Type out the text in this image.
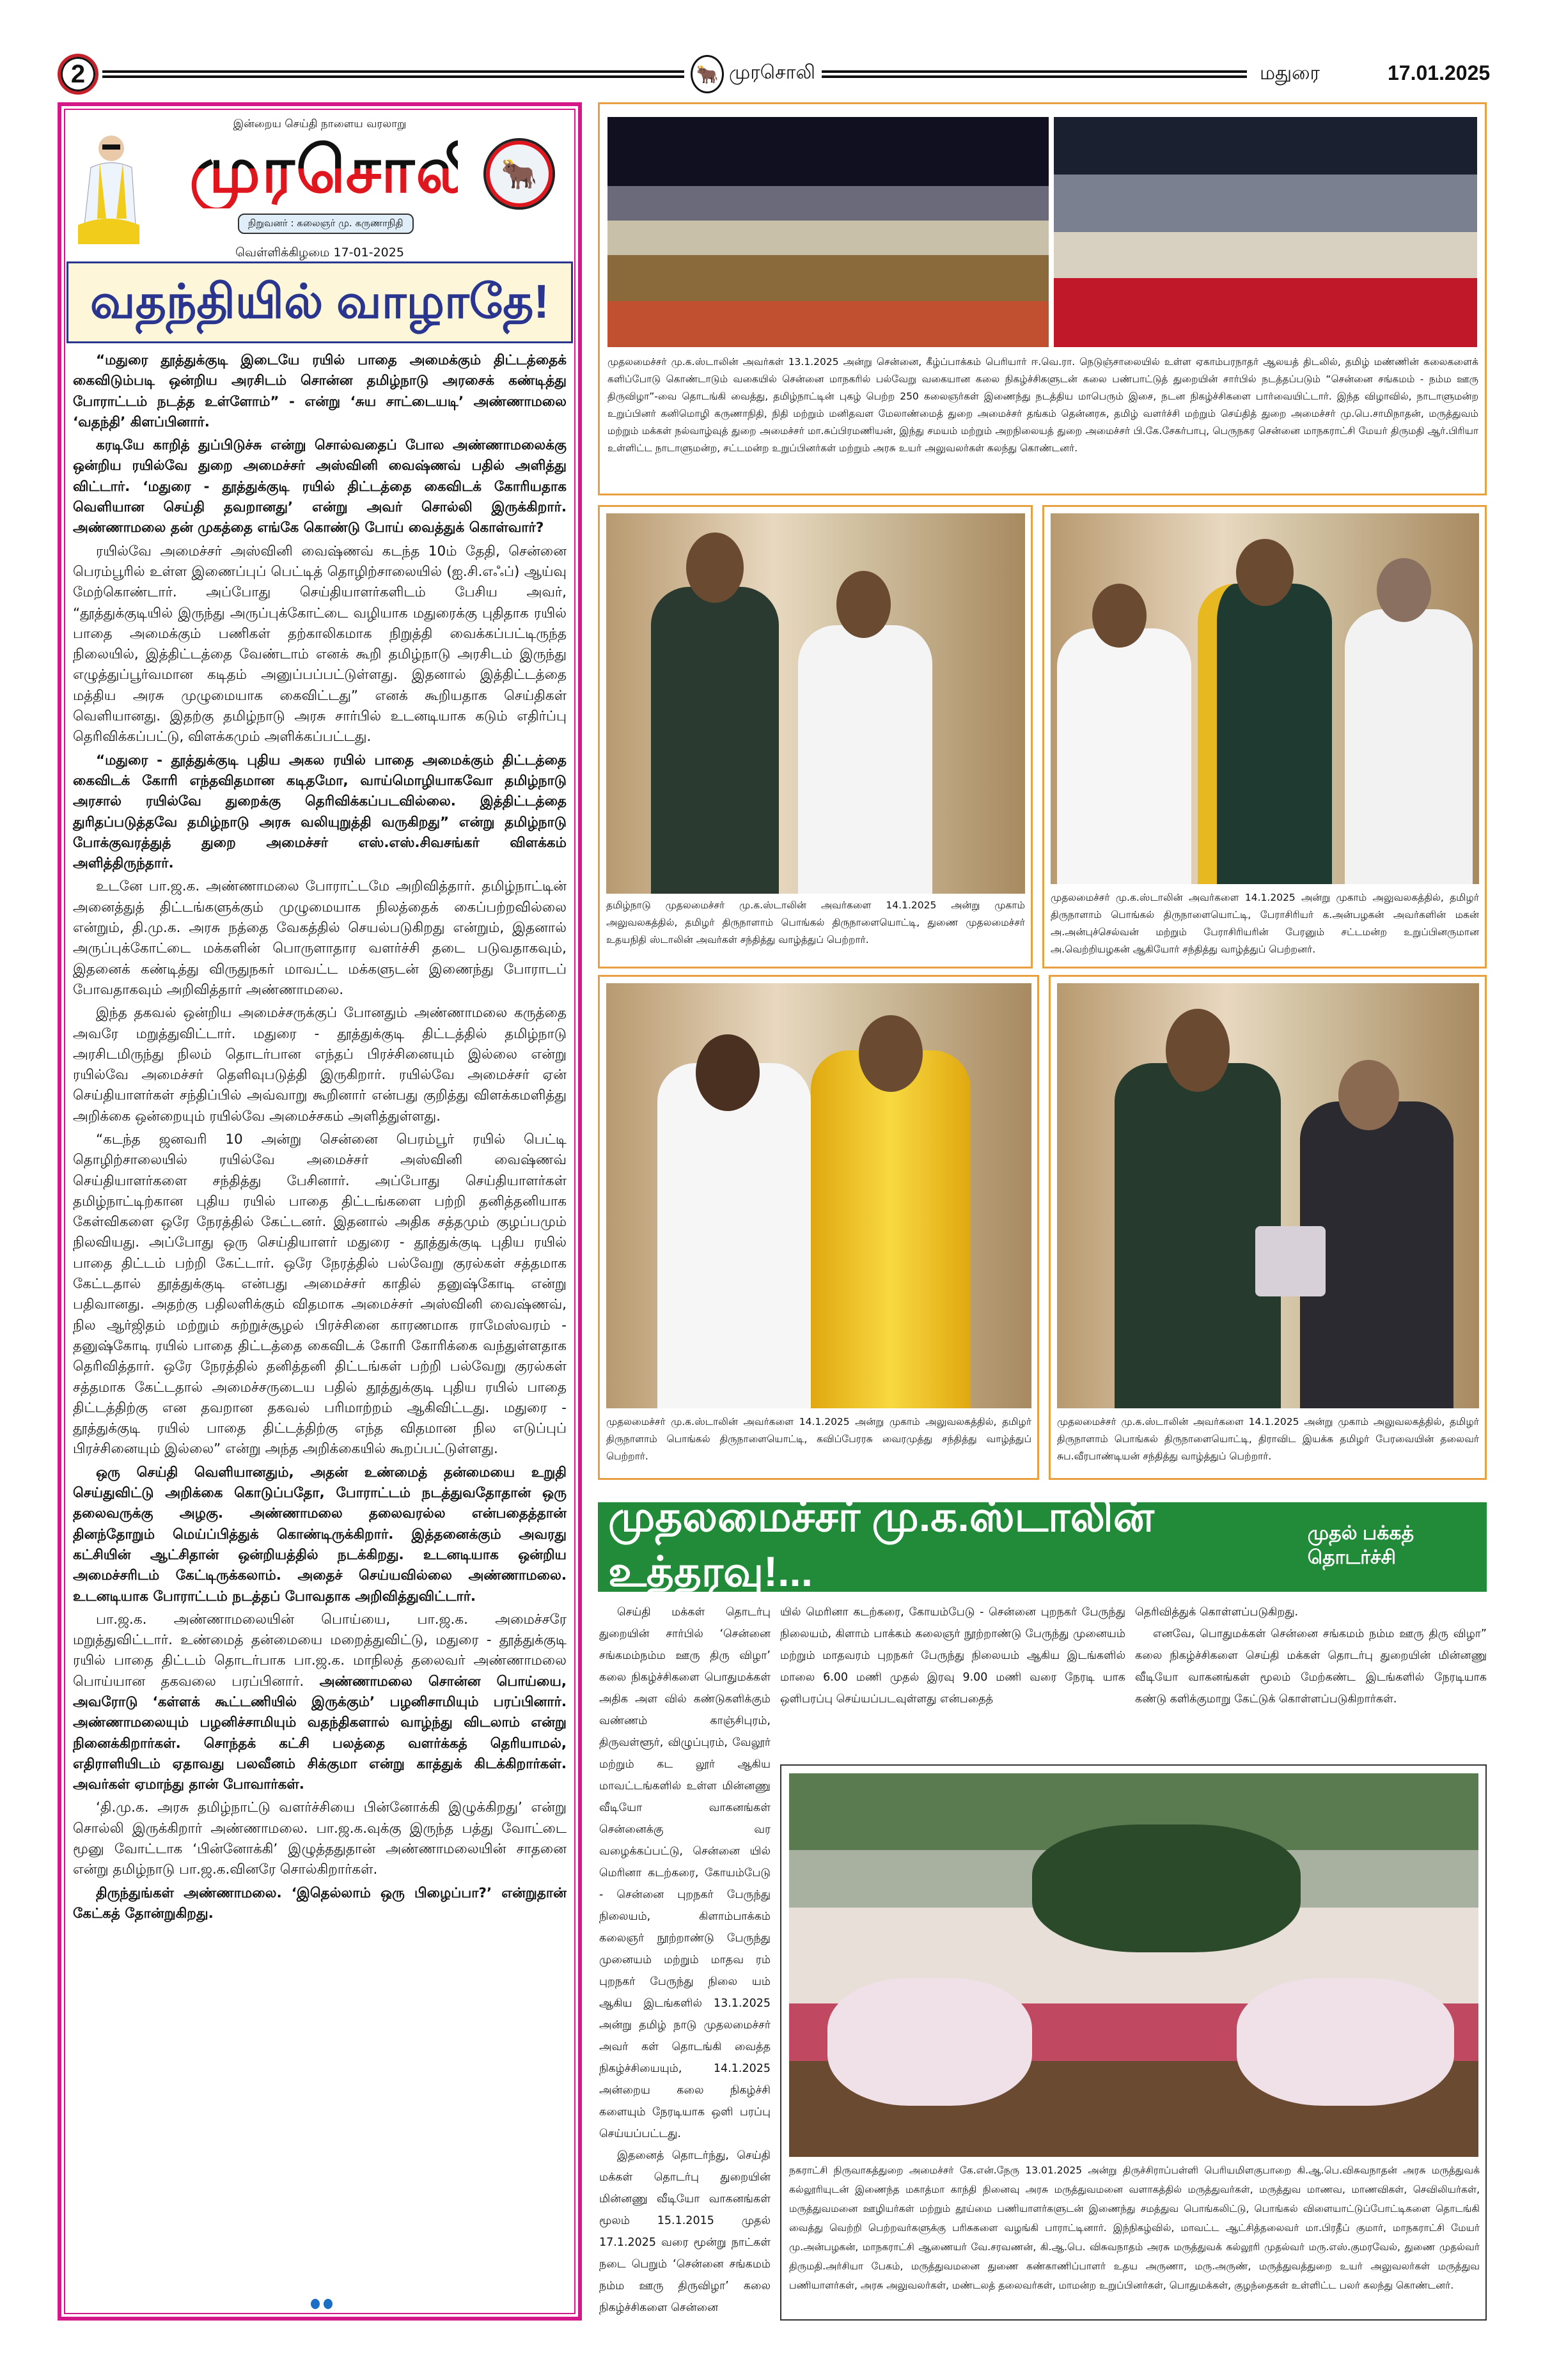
2	🐂 முரசொலி	மதுரை	17.01.2025
இன்றைய செய்தி நாளைய வரலாறு
முரசொலி 🐂
நிறுவனர் : கலைஞர் மு. கருணாநிதி
வெள்ளிக்கிழமை 17-01-2025
வதந்தியில் வாழாதே!

“மதுரை தூத்துக்குடி இடையே ரயில் பாதை அமைக்கும் திட்டத்தைக் கைவிடும்படி ஒன்றிய அரசிடம் சொன்ன தமிழ்நாடு அரசைக் கண்டித்து போராட்டம் நடத்த உள்ளோம்” - என்று ‘சுய சாட்டையடி’ அண்ணாமலை ‘வதந்தி’ கிளப்பினார்.

கரடியே காறித் துப்பிடுச்சு என்று சொல்வதைப் போல அண்ணாமலைக்கு ஒன்றிய ரயில்வே துறை அமைச்சர் அஸ்வினி வைஷ்ணவ் பதில் அளித்து விட்டார். ‘மதுரை - தூத்துக்குடி ரயில் திட்டத்தை கைவிடக் கோரியதாக வெளியான செய்தி தவறானது’ என்று அவர் சொல்லி இருக்கிறார். அண்ணாமலை தன் முகத்தை எங்கே கொண்டு போய் வைத்துக் கொள்வார்?

ரயில்வே அமைச்சர் அஸ்வினி வைஷ்ணவ் கடந்த 10ம் தேதி, சென்னை பெரம்பூரில் உள்ள இணைப்புப் பெட்டித் தொழிற்சாலையில் (ஐ.சி.எஃப்) ஆய்வு மேற்கொண்டார். அப்போது செய்தியாளர்களிடம் பேசிய அவர், “தூத்துக்குடியில் இருந்து அருப்புக்கோட்டை வழியாக மதுரைக்கு புதிதாக ரயில் பாதை அமைக்கும் பணிகள் தற்காலிகமாக நிறுத்தி வைக்கப்பட்டிருந்த நிலையில், இத்திட்டத்தை வேண்டாம் எனக் கூறி தமிழ்நாடு அரசிடம் இருந்து எழுத்துப்பூர்வமான கடிதம் அனுப்பப்பட்டுள்ளது. இதனால் இத்திட்டத்தை மத்திய அரசு முழுமையாக கைவிட்டது” எனக் கூறியதாக செய்திகள் வெளியானது. இதற்கு தமிழ்நாடு அரசு சார்பில் உடனடியாக கடும் எதிர்ப்பு தெரிவிக்கப்பட்டு, விளக்கமும் அளிக்கப்பட்டது.

“மதுரை - தூத்துக்குடி புதிய அகல ரயில் பாதை அமைக்கும் திட்டத்தை கைவிடக் கோரி எந்தவிதமான கடிதமோ, வாய்மொழியாகவோ தமிழ்நாடு அரசால் ரயில்வே துறைக்கு தெரிவிக்கப்படவில்லை. இத்திட்டத்தை துரிதப்படுத்தவே தமிழ்நாடு அரசு வலியுறுத்தி வருகிறது” என்று தமிழ்நாடு போக்குவரத்துத் துறை அமைச்சர் எஸ்.எஸ்.சிவசங்கர் விளக்கம் அளித்திருந்தார்.

உடனே பா.ஜ.க. அண்ணாமலை போராட்டமே அறிவித்தார். தமிழ்நாட்டின் அனைத்துத் திட்டங்களுக்கும் முழுமையாக நிலத்தைக் கைப்பற்றவில்லை என்றும், தி.மு.க. அரசு நத்தை வேகத்தில் செயல்படுகிறது என்றும், இதனால் அருப்புக்கோட்டை மக்களின் பொருளாதார வளர்ச்சி தடை படுவதாகவும், இதனைக் கண்டித்து விருதுநகர் மாவட்ட மக்களுடன் இணைந்து போராடப் போவதாகவும் அறிவித்தார் அண்ணாமலை.

இந்த தகவல் ஒன்றிய அமைச்சருக்குப் போனதும் அண்ணாமலை கருத்தை அவரே மறுத்துவிட்டார். மதுரை - தூத்துக்குடி திட்டத்தில் தமிழ்நாடு அரசிடமிருந்து நிலம் தொடர்பான எந்தப் பிரச்சினையும் இல்லை என்று ரயில்வே அமைச்சர் தெளிவுபடுத்தி இருகிறார். ரயில்வே அமைச்சர் ஏன் செய்தியாளர்கள் சந்திப்பில் அவ்வாறு கூறினார் என்பது குறித்து விளக்கமளித்து அறிக்கை ஒன்றையும் ரயில்வே அமைச்சகம் அளித்துள்ளது.

“கடந்த ஜனவரி 10 அன்று சென்னை பெரம்பூர் ரயில் பெட்டி தொழிற்சாலையில் ரயில்வே அமைச்சர் அஸ்வினி வைஷ்ணவ் செய்தியாளர்களை சந்தித்து பேசினார். அப்போது செய்தியாளர்கள் தமிழ்நாட்டிற்கான புதிய ரயில் பாதை திட்டங்களை பற்றி தனித்தனியாக கேள்விகளை ஒரே நேரத்தில் கேட்டனர். இதனால் அதிக சத்தமும் குழப்பமும் நிலவியது. அப்போது ஒரு செய்தியாளர் மதுரை - தூத்துக்குடி புதிய ரயில் பாதை திட்டம் பற்றி கேட்டார். ஒரே நேரத்தில் பல்வேறு குரல்கள் சத்தமாக கேட்டதால் தூத்துக்குடி என்பது அமைச்சர் காதில் தனுஷ்கோடி என்று பதிவானது. அதற்கு பதிலளிக்கும் விதமாக அமைச்சர் அஸ்வினி வைஷ்ணவ், நில ஆர்ஜிதம் மற்றும் சுற்றுச்சூழல் பிரச்சினை காரணமாக ராமேஸ்வரம் - தனுஷ்கோடி ரயில் பாதை திட்டத்தை கைவிடக் கோரி கோரிக்கை வந்துள்ளதாக தெரிவித்தார். ஒரே நேரத்தில் தனித்தனி திட்டங்கள் பற்றி பல்வேறு குரல்கள் சத்தமாக கேட்டதால் அமைச்சருடைய பதில் தூத்துக்குடி புதிய ரயில் பாதை திட்டத்திற்கு என தவறான தகவல் பரிமாற்றம் ஆகிவிட்டது. மதுரை - தூத்துக்குடி ரயில் பாதை திட்டத்திற்கு எந்த விதமான நில எடுப்புப் பிரச்சினையும் இல்லை” என்று அந்த அறிக்கையில் கூறப்பட்டுள்ளது.

ஒரு செய்தி வெளியானதும், அதன் உண்மைத் தன்மையை உறுதி செய்துவிட்டு அறிக்கை கொடுப்பதோ, போராட்டம் நடத்துவதோதான் ஒரு தலைவருக்கு அழகு. அண்ணாமலை தலைவரல்ல என்பதைத்தான் தினந்தோறும் மெய்ப்பித்துக் கொண்டிருக்கிறார். இத்தனைக்கும் அவரது கட்சியின் ஆட்சிதான் ஒன்றியத்தில் நடக்கிறது. உடனடியாக ஒன்றிய அமைச்சரிடம் கேட்டிருக்கலாம். அதைச் செய்யவில்லை அண்ணாமலை. உடனடியாக போராட்டம் நடத்தப் போவதாக அறிவித்துவிட்டார்.

பா.ஜ.க. அண்ணாமலையின் பொய்யை, பா.ஜ.க. அமைச்சரே மறுத்துவிட்டார். உண்மைத் தன்மையை மறைத்துவிட்டு, மதுரை - தூத்துக்குடி ரயில் பாதை திட்டம் தொடர்பாக பா.ஜ.க. மாநிலத் தலைவர் அண்ணாமலை பொய்யான தகவலை பரப்பினார். அண்ணாமலை சொன்ன பொய்யை, அவரோடு ‘கள்ளக் கூட்டணியில் இருக்கும்’ பழனிசாமியும் பரப்பினார். அண்ணாமலையும் பழனிச்சாமியும் வதந்திகளால் வாழ்ந்து விடலாம் என்று நினைக்கிறார்கள். சொந்தக் கட்சி பலத்தை வளர்க்கத் தெரியாமல், எதிராளியிடம் ஏதாவது பலவீனம் சிக்குமா என்று காத்துக் கிடக்கிறார்கள். அவர்கள் ஏமாந்து தான் போவார்கள்.

‘தி.மு.க. அரசு தமிழ்நாட்டு வளர்ச்சியை பின்னோக்கி இழுக்கிறது’ என்று சொல்லி இருக்கிறார் அண்ணாமலை. பா.ஜ.க.வுக்கு இருந்த பத்து வோட்டை மூனு வோட்டாக ‘பின்னோக்கி’ இழுத்ததுதான் அண்ணாமலையின் சாதனை என்று தமிழ்நாடு பா.ஜ.க.வினரே சொல்கிறார்கள்.

திருந்துங்கள் அண்ணாமலை. ‘இதெல்லாம் ஒரு பிழைப்பா?’ என்றுதான் கேட்கத் தோன்றுகிறது.

முதலமைச்சர் மு.க.ஸ்டாலின் அவர்கள் 13.1.2025 அன்று சென்னை, கீழ்ப்பாக்கம் பெரியார் ஈ.வெ.ரா. நெடுஞ்சாலையில் உள்ள ஏகாம்பரநாதர் ஆலயத் திடலில், தமிழ் மண்ணின் கலைகளைக் களிப்போடு கொண்டாடும் வகையில் சென்னை மாநகரில் பல்வேறு வகையான கலை நிகழ்ச்சிகளுடன் கலை பண்பாட்டுத் துறையின் சார்பில் நடத்தப்படும் “சென்னை சங்கமம் - நம்ம ஊரு திருவிழா”-வை தொடங்கி வைத்து, தமிழ்நாட்டின் புகழ் பெற்ற 250 கலைஞர்கள் இணைந்து நடத்திய மாபெரும் இசை, நடன நிகழ்ச்சிகளை பார்வையிட்டார். இந்த விழாவில், நாடாளுமன்ற உறுப்பினர் கனிமொழி கருணாநிதி, நிதி மற்றும் மனிதவள மேலாண்மைத் துறை அமைச்சர் தங்கம் தென்னரசு, தமிழ் வளர்ச்சி மற்றும் செய்தித் துறை அமைச்சர் மு.பெ.சாமிநாதன், மருத்துவம் மற்றும் மக்கள் நல்வாழ்வுத் துறை அமைச்சர் மா.சுப்பிரமணியன், இந்து சமயம் மற்றும் அறநிலையத் துறை அமைச்சர் பி.கே.சேகர்பாபு, பெருநகர சென்னை மாநகராட்சி மேயர் திருமதி ஆர்.பிரியா உள்ளிட்ட நாடாளுமன்ற, சட்டமன்ற உறுப்பினர்கள் மற்றும் அரசு உயர் அலுவலர்கள் கலந்து கொண்டனர்.
தமிழ்நாடு முதலமைச்சர் மு.க.ஸ்டாலின் அவர்களை 14.1.2025 அன்று முகாம் அலுவலகத்தில், தமிழர் திருநாளாம் பொங்கல் திருநாளையொட்டி, துணை முதலமைச்சர் உதயநிதி ஸ்டாலின் அவர்கள் சந்தித்து வாழ்த்துப் பெற்றார்.
முதலமைச்சர் மு.க.ஸ்டாலின் அவர்களை 14.1.2025 அன்று முகாம் அலுவலகத்தில், தமிழர் திருநாளாம் பொங்கல் திருநாளையொட்டி, பேராசிரியர் க.அன்பழகன் அவர்களின் மகன் அ.அன்புச்செல்வன் மற்றும் பேராசிரியரின் பேரனும் சட்டமன்ற உறுப்பினருமான அ.வெற்றியழகன் ஆகியோர் சந்தித்து வாழ்த்துப் பெற்றனர்.
முதலமைச்சர் மு.க.ஸ்டாலின் அவர்களை 14.1.2025 அன்று முகாம் அலுவலகத்தில், தமிழர் திருநாளாம் பொங்கல் திருநாளையொட்டி, கவிப்பேரரசு வைரமுத்து சந்தித்து வாழ்த்துப் பெற்றார்.
முதலமைச்சர் மு.க.ஸ்டாலின் அவர்களை 14.1.2025 அன்று முகாம் அலுவலகத்தில், தமிழர் திருநாளாம் பொங்கல் திருநாளையொட்டி, திராவிட இயக்க தமிழர் பேரவையின் தலைவர் சுப.வீரபாண்டியன் சந்தித்து வாழ்த்துப் பெற்றார்.
முதலமைச்சர் மு.க.ஸ்டாலின் உத்தரவு!...
முதல் பக்கத் தொடர்ச்சி
செய்தி மக்கள் தொடர்பு துறையின் சார்பில் ‘சென்னை சங்கமம்நம்ம ஊரு திரு விழா’ கலை நிகழ்ச்சிகளை பொதுமக்கள் அதிக அள வில் கண்டுகளிக்கும் வண்ணம் காஞ்சிபுரம், திருவள்ளூர், விழுப்புரம், வேலூர் மற்றும் கட லூர் ஆகிய மாவட்டங்களில் உள்ள மின்னணு வீடியோ வாகனங்கள் சென்னைக்கு வர வழைக்கப்பட்டு, சென்னை யில் மெரினா கடற்கரை, கோயம்பேடு - சென்னை புறநகர் பேருந்து நிலையம், கிளாம்பாக்கம் கலைஞர் நூற்றாண்டு பேருந்து முனையம் மற்றும் மாதவ ரம் புறநகர் பேருந்து நிலை யம் ஆகிய இடங்களில் 13.1.2025 அன்று தமிழ் நாடு முதலமைச்சர் அவர் கள் தொடங்கி வைத்த நிகழ்ச்சியையும், 14.1.2025 அன்றைய கலை நிகழ்ச்சி களையும் நேரடியாக ஒளி பரப்பு செய்யப்பட்டது.
இதனைத் தொடர்ந்து, செய்தி மக்கள் தொடர்பு துறையின் மின்னணு வீடியோ வாகனங்கள் மூலம் 15.1.2015 முதல் 17.1.2025 வரை மூன்று நாட்கள் நடை பெறும் ‘சென்னை சங்கமம் நம்ம ஊரு திருவிழா’ கலை நிகழ்ச்சிகளை சென்னை
யில் மெரினா கடற்கரை, கோயம்பேடு - சென்னை புறநகர் பேருந்து நிலையம், கிளாம் பாக்கம் கலைஞர் நூற்றாண்டு பேருந்து முனையம் மற்றும் மாதவரம் புறநகர் பேருந்து நிலையம் ஆகிய இடங்களில் மாலை 6.00 மணி முதல் இரவு 9.00 மணி வரை நேரடி யாக ஒளிபரப்பு செய்யப்படவுள்ளது என்பதைத்
தெரிவித்துக் கொள்ளப்படுகிறது.
எனவே, பொதுமக்கள் சென்னை சங்கமம் நம்ம ஊரு திரு விழா” கலை நிகழ்ச்சிகளை செய்தி மக்கள் தொடர்பு துறையின் மின்னணு வீடியோ வாகனங்கள் மூலம் மேற்கண்ட இடங்களில் நேரடியாக கண்டு களிக்குமாறு கேட்டுக் கொள்ளப்படுகிறார்கள்.
நகராட்சி நிருவாகத்துறை அமைச்சர் கே.என்.நேரு 13.01.2025 அன்று திருச்சிராப்பள்ளி பெரியமிளகுபாறை கி.ஆ.பெ.விசுவநாதன் அரசு மருத்துவக் கல்லூரியுடன் இணைந்த மகாத்மா காந்தி நினைவு அரசு மருத்துவமனை வளாகத்தில் மருத்துவர்கள், மருத்துவ மாணவ, மாணவிகள், செவிலியர்கள், மருத்துவமனை ஊழியர்கள் மற்றும் தூய்மை பணியாளர்களுடன் இணைந்து சமத்துவ பொங்கலிட்டு, பொங்கல் விளையாட்டுப்போட்டிகளை தொடங்கி வைத்து வெற்றி பெற்றவர்களுக்கு பரிசுகளை வழங்கி பாராட்டினார். இந்நிகழ்வில், மாவட்ட ஆட்சித்தலைவர் மா.பிரதீப் குமார், மாநகராட்சி மேயர் மு.அன்பழகன், மாநகராட்சி ஆணையர் வே.சரவணன், கி.ஆ.பெ. விசுவநாதம் அரசு மருத்துவக் கல்லூரி முதல்வர் மரு.எஸ்.குமரவேல், துணை முதல்வர் திருமதி.அர்சியா பேகம், மருத்துவமனை துணை கண்காணிப்பாளர் உதய அருணா, மரு.அருண், மருத்துவத்துறை உயர் அலுவலர்கள் மருத்துவ பணியாளர்கள், அரசு அலுவலர்கள், மண்டலத் தலைவர்கள், மாமன்ற உறுப்பினர்கள், பொதுமக்கள், குழந்தைகள் உள்ளிட்ட பலர் கலந்து கொண்டனர்.
